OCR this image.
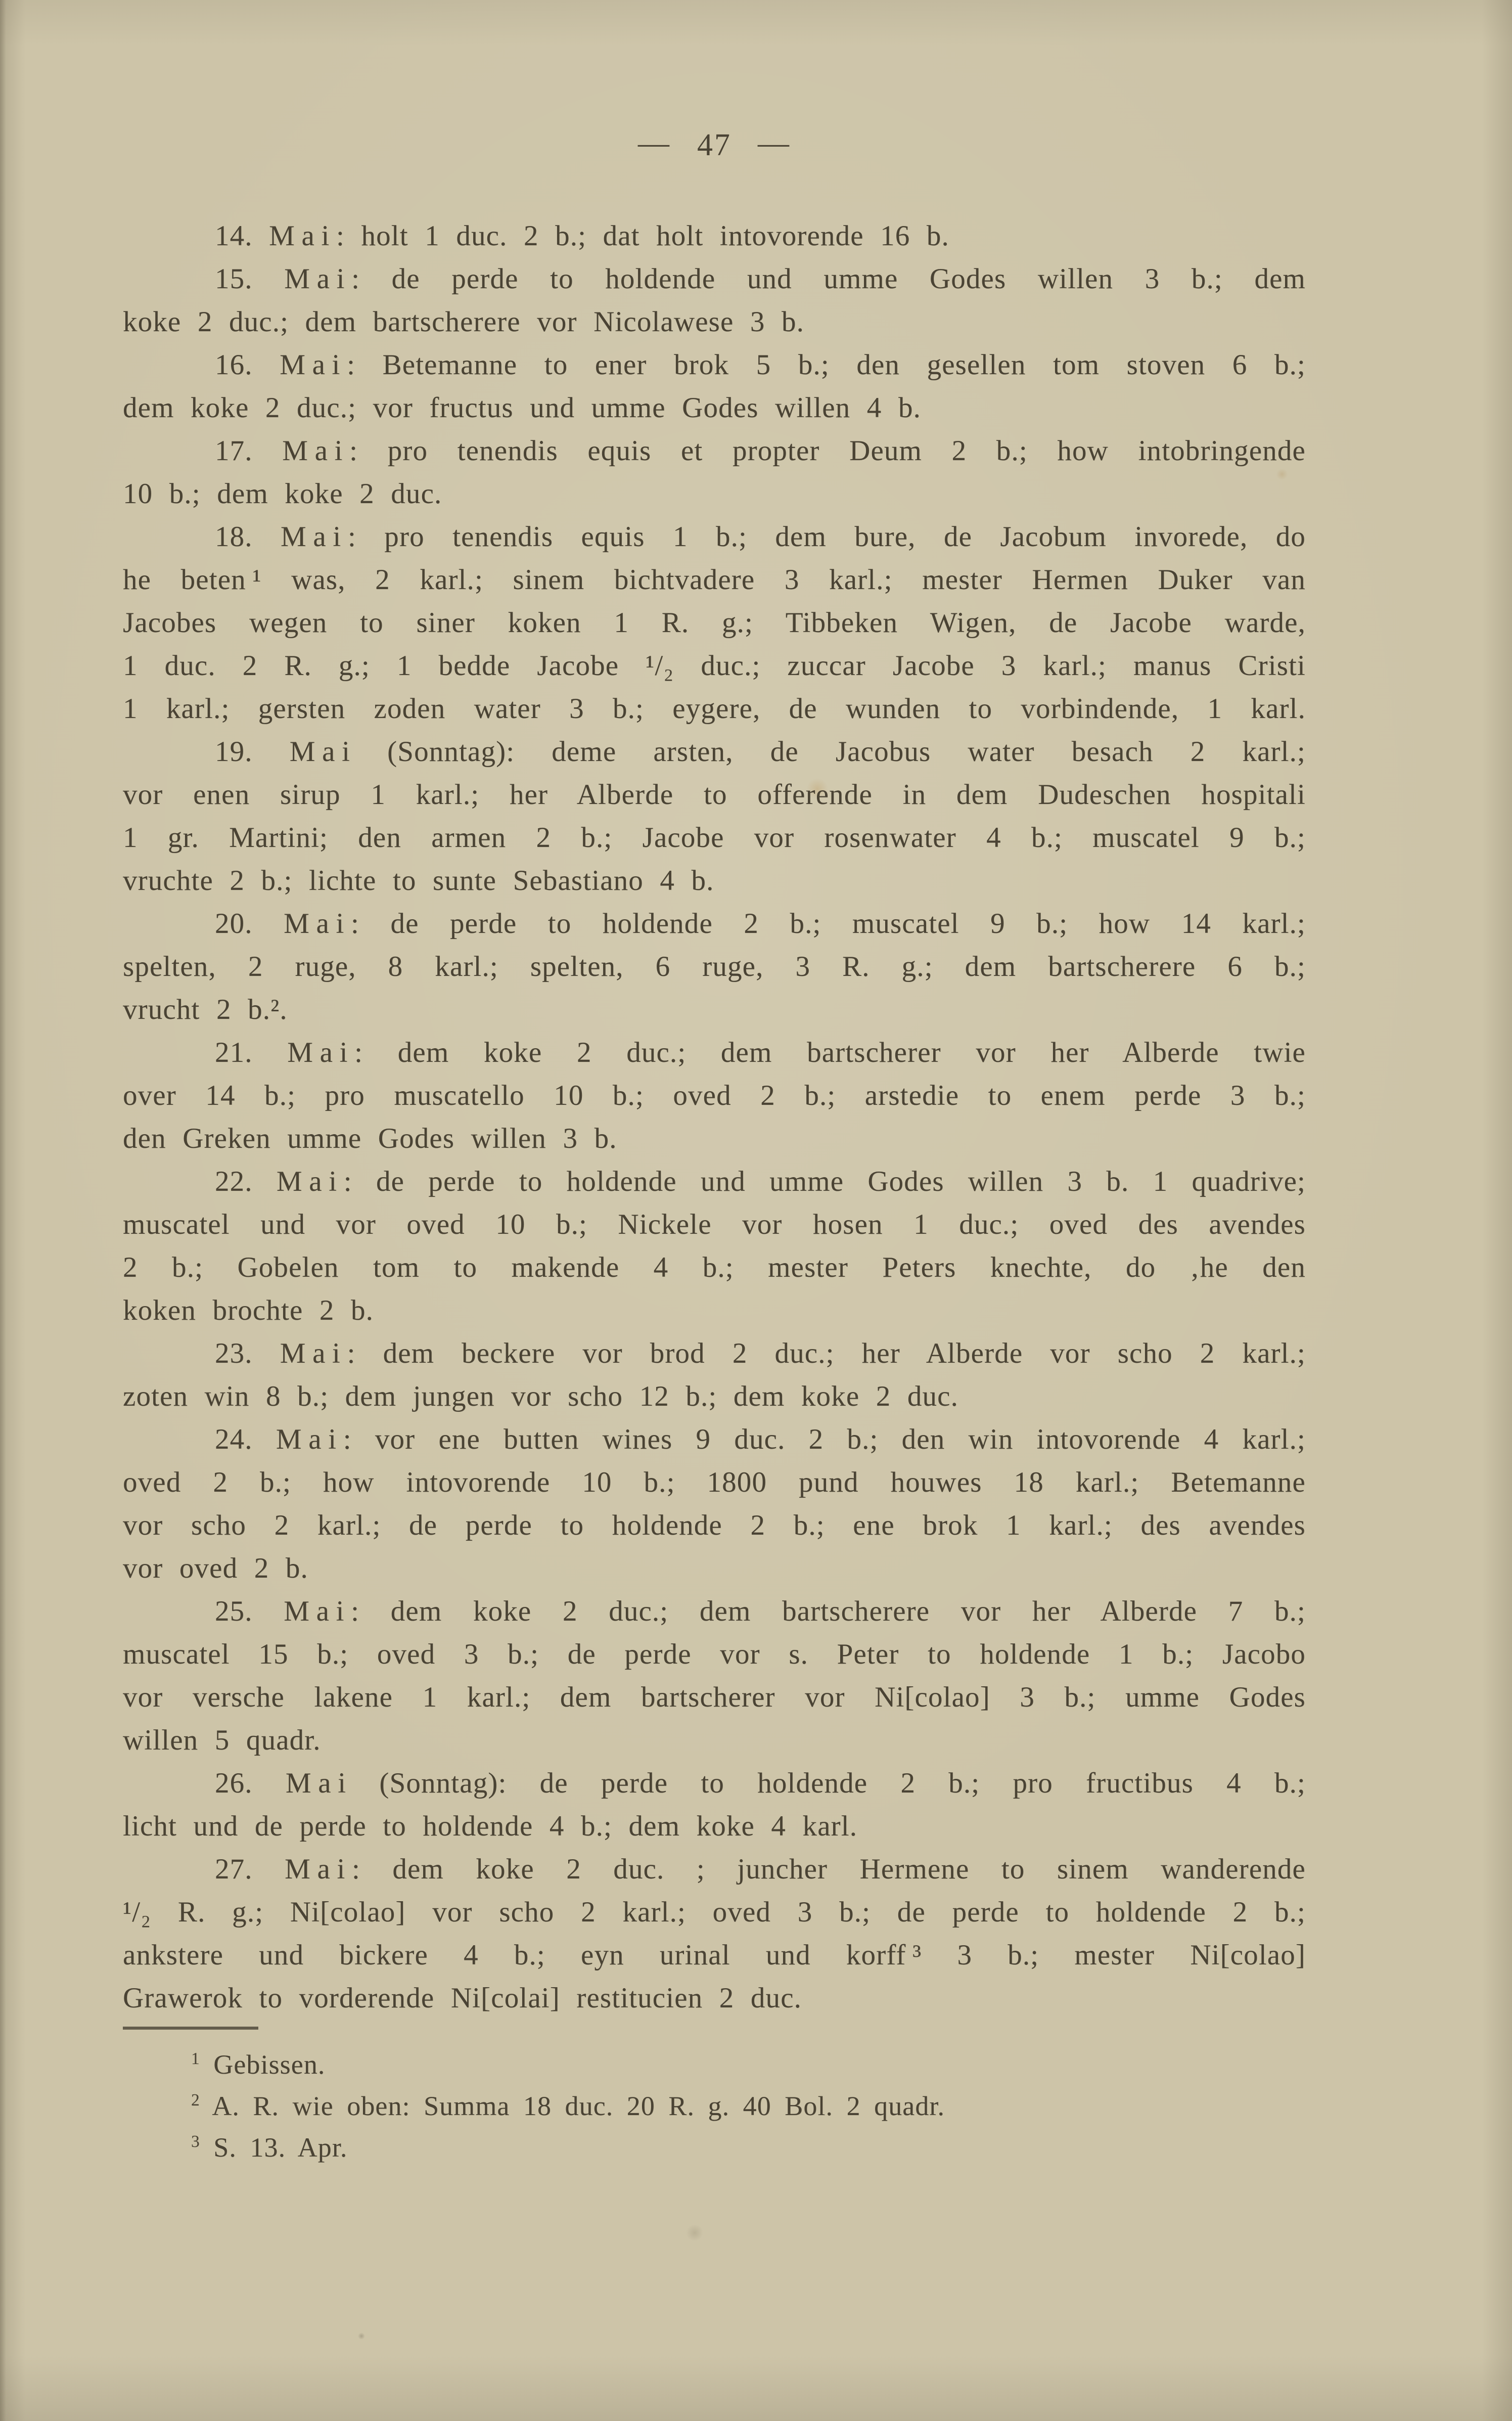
— 47 —
14. M a i : holt 1 duc. 2 b.; dat holt intovorende 16 b.
15. M a i : de perde to holdende und umme Godes willen 3 b.; dem
koke 2 duc.; dem bartscherere vor Nicolawese 3 b.
16. M a i : Betemanne to ener brok 5 b.; den gesellen tom stoven 6 b.;
dem koke 2 duc.; vor fructus und umme Godes willen 4 b.
17. M a i : pro tenendis equis et propter Deum 2 b.; how intobringende
10 b.; dem koke 2 duc.
18. M a i : pro tenendis equis 1 b.; dem bure, de Jacobum invorede, do
he beten ¹ was, 2 karl.; sinem bichtvadere 3 karl.; mester Hermen Duker van
Jacobes wegen to siner koken 1 R. g.; Tibbeken Wigen, de Jacobe warde,
1 duc. 2 R. g.; 1 bedde Jacobe ¹/₂ duc.; zuccar Jacobe 3 karl.; manus Cristi
1 karl.; gersten zoden water 3 b.; eygere, de wunden to vorbindende, 1 karl.
19. M a i (Sonntag): deme arsten, de Jacobus water besach 2 karl.;
vor enen sirup 1 karl.; her Alberde to offerende in dem Dudeschen hospitali
1 gr. Martini; den armen 2 b.; Jacobe vor rosenwater 4 b.; muscatel 9 b.;
vruchte 2 b.; lichte to sunte Sebastiano 4 b.
20. M a i : de perde to holdende 2 b.; muscatel 9 b.; how 14 karl.;
spelten, 2 ruge, 8 karl.; spelten, 6 ruge, 3 R. g.; dem bartscherere 6 b.;
vrucht 2 b.².
21. M a i : dem koke 2 duc.; dem bartscherer vor her Alberde twie
over 14 b.; pro muscatello 10 b.; oved 2 b.; arstedie to enem perde 3 b.;
den Greken umme Godes willen 3 b.
22. M a i : de perde to holdende und umme Godes willen 3 b. 1 quadrive;
muscatel und vor oved 10 b.; Nickele vor hosen 1 duc.; oved des avendes
2 b.; Gobelen tom to makende 4 b.; mester Peters knechte, do ‚he den
koken brochte 2 b.
23. M a i : dem beckere vor brod 2 duc.; her Alberde vor scho 2 karl.;
zoten win 8 b.; dem jungen vor scho 12 b.; dem koke 2 duc.
24. M a i : vor ene butten wines 9 duc. 2 b.; den win intovorende 4 karl.;
oved 2 b.; how intovorende 10 b.; 1800 pund houwes 18 karl.; Betemanne
vor scho 2 karl.; de perde to holdende 2 b.; ene brok 1 karl.; des avendes
vor oved 2 b.
25. M a i : dem koke 2 duc.; dem bartscherere vor her Alberde 7 b.;
muscatel 15 b.; oved 3 b.; de perde vor s. Peter to holdende 1 b.; Jacobo
vor versche lakene 1 karl.; dem bartscherer vor Ni[colao] 3 b.; umme Godes
willen 5 quadr.
26. M a i (Sonntag): de perde to holdende 2 b.; pro fructibus 4 b.;
licht und de perde to holdende 4 b.; dem koke 4 karl.
27. M a i : dem koke 2 duc. ; juncher Hermene to sinem wanderende
¹/₂ R. g.; Ni[colao] vor scho 2 karl.; oved 3 b.; de perde to holdende 2 b.;
ankstere und bickere 4 b.; eyn urinal und korff ³ 3 b.; mester Ni[colao]
Grawerok to vorderende Ni[colai] restitucien 2 duc.
$^1$ Gebissen.
$^2$ A. R. wie oben: Summa 18 duc. 20 R. g. 40 Bol. 2 quadr.
$^3$ S. 13. Apr.
